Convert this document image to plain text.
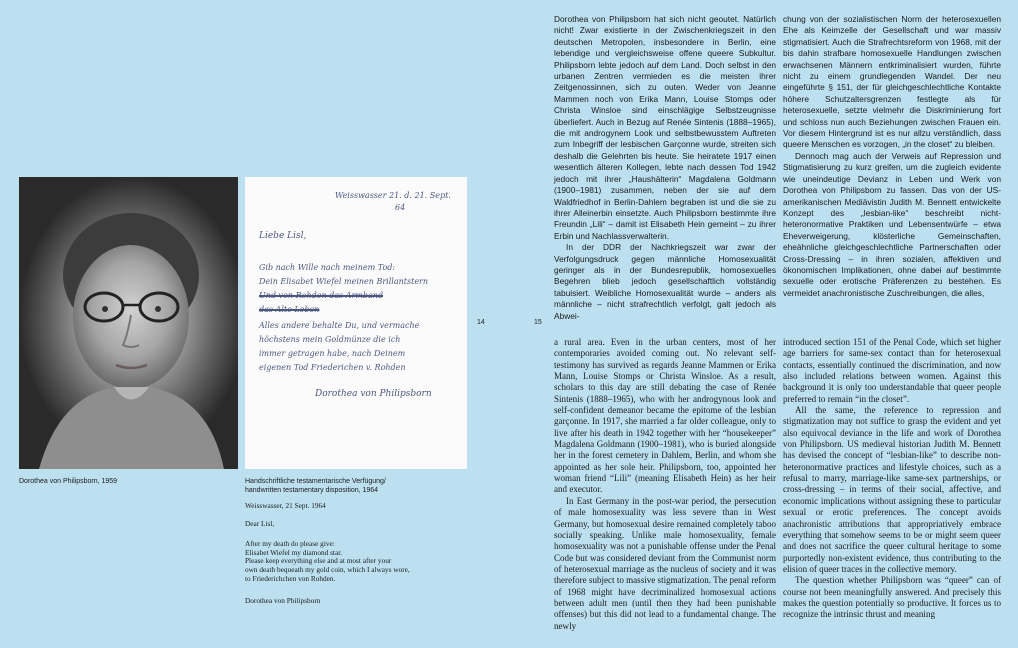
Dorothea von Philipsborn, 1959
Weisswasser 21. d. 21. Sept.
64
Liebe Lisl,
Gib nach Wille nach meinem Tod:
Dein Elisabet Wiefel meinen Brillantstern
Und von Rohden das Armband
das Alte Leben
Alles andere behalte Du, und vermache
höchstens mein Goldmünze die ich
immer getragen habe, nach Deinem
eigenen Tod Friederichen v. Rohden
Dorothea von Philipsborn
Handschriftliche testamentarische Verfügung/
handwritten testamentary disposition, 1964
Weisswasser, 21 Sept. 1964
Dear Lisl,
After my death do please give:
Elisabet Wiefel my diamond star.
Please keep everything else and at most after your
own death bequeath my gold coin, which I always wore,
to Friederichchen von Rohden.
Dorothea von Philipsborn
14	15

Dorothea von Philipsborn hat sich nicht geoutet. Natürlich nicht! Zwar existierte in der Zwischenkriegszeit in den deutschen Metropolen, insbesondere in Berlin, eine lebendige und vergleichsweise offene queere Subkultur. Philipsborn lebte jedoch auf dem Land. Doch selbst in den urbanen Zentren vermieden es die meisten ihrer Zeitgenossinnen, sich zu outen. Weder von Jeanne Mammen noch von Erika Mann, Louise Stomps oder Christa Winsloe sind einschlägige Selbstzeugnisse überliefert. Auch in Bezug auf Renée Sintenis (1888–1965), die mit androgynem Look und selbstbewusstem Auftreten zum Inbegriff der lesbischen Garçonne wurde, streiten sich deshalb die Gelehrten bis heute. Sie heiratete 1917 einen wesentlich älteren Kollegen, lebte nach dessen Tod 1942 jedoch mit ihrer „Haushälterin“ Magdalena Goldmann (1900–1981) zusammen, neben der sie auf dem Waldfriedhof in Berlin-Dahlem begraben ist und die sie zu ihrer Alleinerbin einsetzte. Auch Philipsborn bestimmte ihre Freundin „Lili“ – damit ist Elisabeth Hein gemeint – zu ihrer Erbin und Nachlassverwalterin.

In der DDR der Nachkriegszeit war zwar der Verfolgungsdruck gegen männliche Homosexualität geringer als in der Bundesrepublik, homosexuelles Begehren blieb jedoch gesellschaftlich vollständig tabuisiert. Weibliche Homosexualität wurde – anders als männliche – nicht strafrechtlich verfolgt, galt jedoch als Abwei-

chung von der sozialistischen Norm der heterosexuellen Ehe als Keimzelle der Gesellschaft und war massiv stigmatisiert. Auch die Strafrechtsreform von 1968, mit der bis dahin strafbare homosexuelle Handlungen zwischen erwachsenen Männern entkriminalisiert wurden, führte nicht zu einem grundlegenden Wandel. Der neu eingeführte § 151, der für gleichgeschlechtliche Kontakte höhere Schutzaltersgrenzen festlegte als für heterosexuelle, setzte vielmehr die Diskriminierung fort und schloss nun auch Beziehungen zwischen Frauen ein. Vor diesem Hintergrund ist es nur allzu verständlich, dass queere Menschen es vorzogen, „in the closet“ zu bleiben.

Dennoch mag auch der Verweis auf Repression und Stigmatisierung zu kurz greifen, um die zugleich evidente wie uneindeutige Devianz in Leben und Werk von Dorothea von Philipsborn zu fassen. Das von der US-amerikanischen Mediävistin Judith M. Bennett entwickelte Konzept des „lesbian-like“ beschreibt nicht-heteronormative Praktiken und Lebensentwürfe – etwa Eheverweigerung, klösterliche Gemeinschaften, eheähnliche gleichgeschlechtliche Partnerschaften oder Cross-Dressing – in ihren sozialen, affektiven und ökonomischen Implikationen, ohne dabei auf bestimmte sexuelle oder erotische Präferenzen zu bestehen. Es vermeidet anachronistische Zuschreibungen, die alles,

a rural area. Even in the urban centers, most of her contemporaries avoided coming out. No relevant self-testimony has survived as regards Jeanne Mammen or Erika Mann, Louise Stomps or Christa Winsloe. As a result, scholars to this day are still debating the case of Renée Sintenis (1888–1965), who with her androgynous look and self-confident demeanor became the epitome of the lesbian garçonne. In 1917, she married a far older colleague, only to live after his death in 1942 together with her “housekeeper” Magdalena Goldmann (1900–1981), who is buried alongside her in the forest cemetery in Dahlem, Berlin, and whom she appointed as her sole heir. Philipsborn, too, appointed her woman friend “Lili” (meaning Elisabeth Hein) as her heir and executor.

In East Germany in the post-war period, the persecution of male homosexuality was less severe than in West Germany, but homosexual desire remained completely taboo socially speaking. Unlike male homosexuality, female homosexuality was not a punishable offense under the Penal Code but was considered deviant from the Communist norm of heterosexual marriage as the nucleus of society and it was therefore subject to massive stigmatization. The penal reform of 1968 might have decriminalized homosexual actions between adult men (until then they had been punishable offenses) but this did not lead to a fundamental change. The newly

introduced section 151 of the Penal Code, which set higher age barriers for same-sex contact than for heterosexual contacts, essentially continued the discrimination, and now also included relations between women. Against this background it is only too understandable that queer people preferred to remain “in the closet”.

All the same, the reference to repression and stigmatization may not suffice to grasp the evident and yet also equivocal deviance in the life and work of Dorothea von Philipsborn. US medieval historian Judith M. Bennett has devised the concept of “lesbian-like” to describe non-heteronormative practices and lifestyle choices, such as a refusal to marry, marriage-like same-sex partnerships, or cross-dressing – in terms of their social, affective, and economic implications without assigning these to particular sexual or erotic preferences. The concept avoids anachronistic attributions that appropriatively embrace everything that somehow seems to be or might seem queer and does not sacrifice the queer cultural heritage to some purportedly non-existent evidence, thus contributing to the elision of queer traces in the collective memory.

The question whether Philipsborn was “queer” can of course not been meaningfully answered. And precisely this makes the question potentially so productive. It forces us to recognize the intrinsic thrust and meaning
